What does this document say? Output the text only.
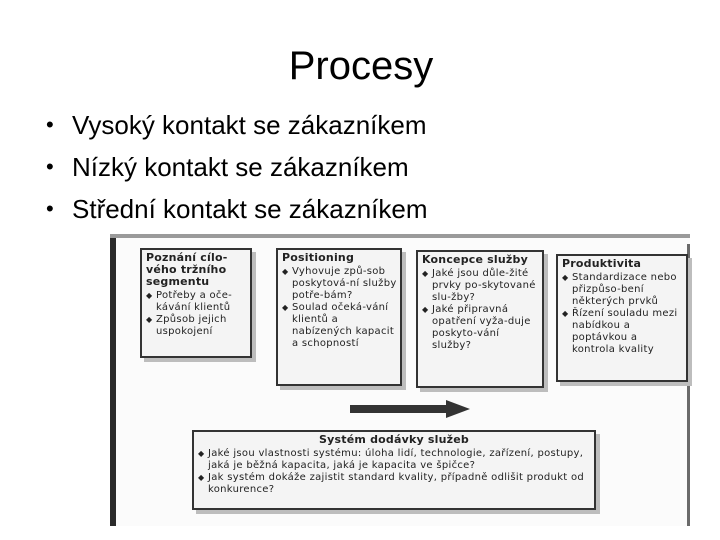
Procesy
• Vysoký kontakt se zákazníkem
• Nízký kontakt se zákazníkem
• Střední kontakt se zákazníkem
Poznání cílo-vého tržního segmentu
◆ Potřeby a oče-kávání klientů
◆ Způsob jejich uspokojení
Positioning
◆ Vyhovuje způ-sob poskytová-ní služby potře-bám?
◆ Soulad očeká-vání klientů a nabízených kapacit a schopností
Koncepce služby
◆ Jaké jsou důle-žité prvky po-skytované slu-žby?
◆ Jaké připravná opatření vyža-duje poskyto-vání služby?
Produktivita
◆ Standardizace nebo přizpůso-bení některých prvků
◆ Řízení souladu mezi nabídkou a poptávkou a kontrola kvality
Systém dodávky služeb
◆ Jaké jsou vlastnosti systému: úloha lidí, technologie, zařízení, postupy, jaká je běžná kapacita, jaká je kapacita ve špičce?
◆ Jak systém dokáže zajistit standard kvality, případně odlišit produkt od konkurence?
